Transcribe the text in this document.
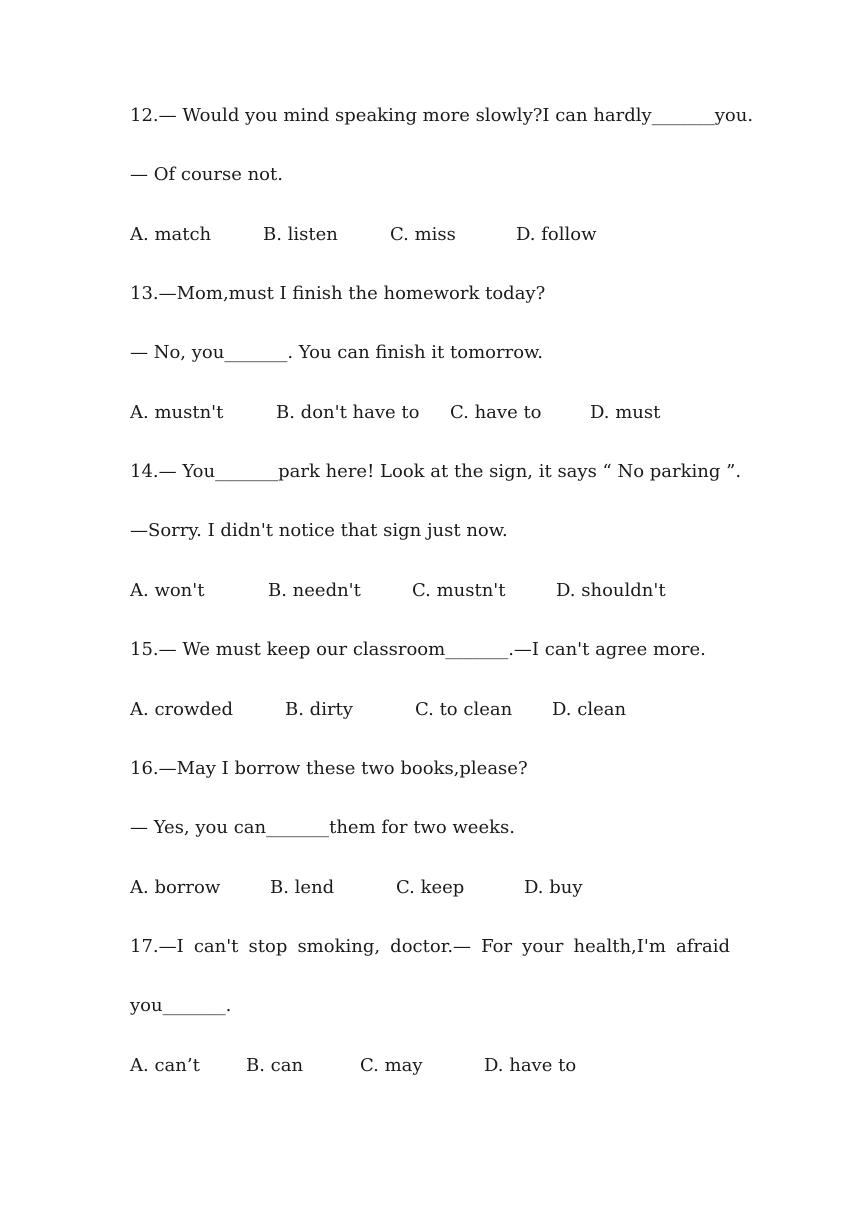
12.— Would you mind speaking more slowly?I can hardly_______you.
— Of course not.
A. match	B. listen	C. miss	D. follow
13.—Mom,must I finish the homework today?
— No, you_______. You can finish it tomorrow.
A. mustn't	B. don't have to C. have to	D. must
14.— You_______park here! Look at the sign, it says “ No parking ”.
—Sorry. I didn't notice that sign just now.
A. won't	B. needn't	C. mustn't	D. shouldn't
15.— We must keep our classroom_______.—I can't agree more.
A. crowded	B. dirty	C. to clean D. clean
16.—May I borrow these two books,please?
— Yes, you can_______them for two weeks.
A. borrow	B. lend	C. keep	D. buy
17.—I can't stop smoking, doctor.— For your health,I'm afraid
you_______.
A. can’t	B. can	C. may	D. have to
